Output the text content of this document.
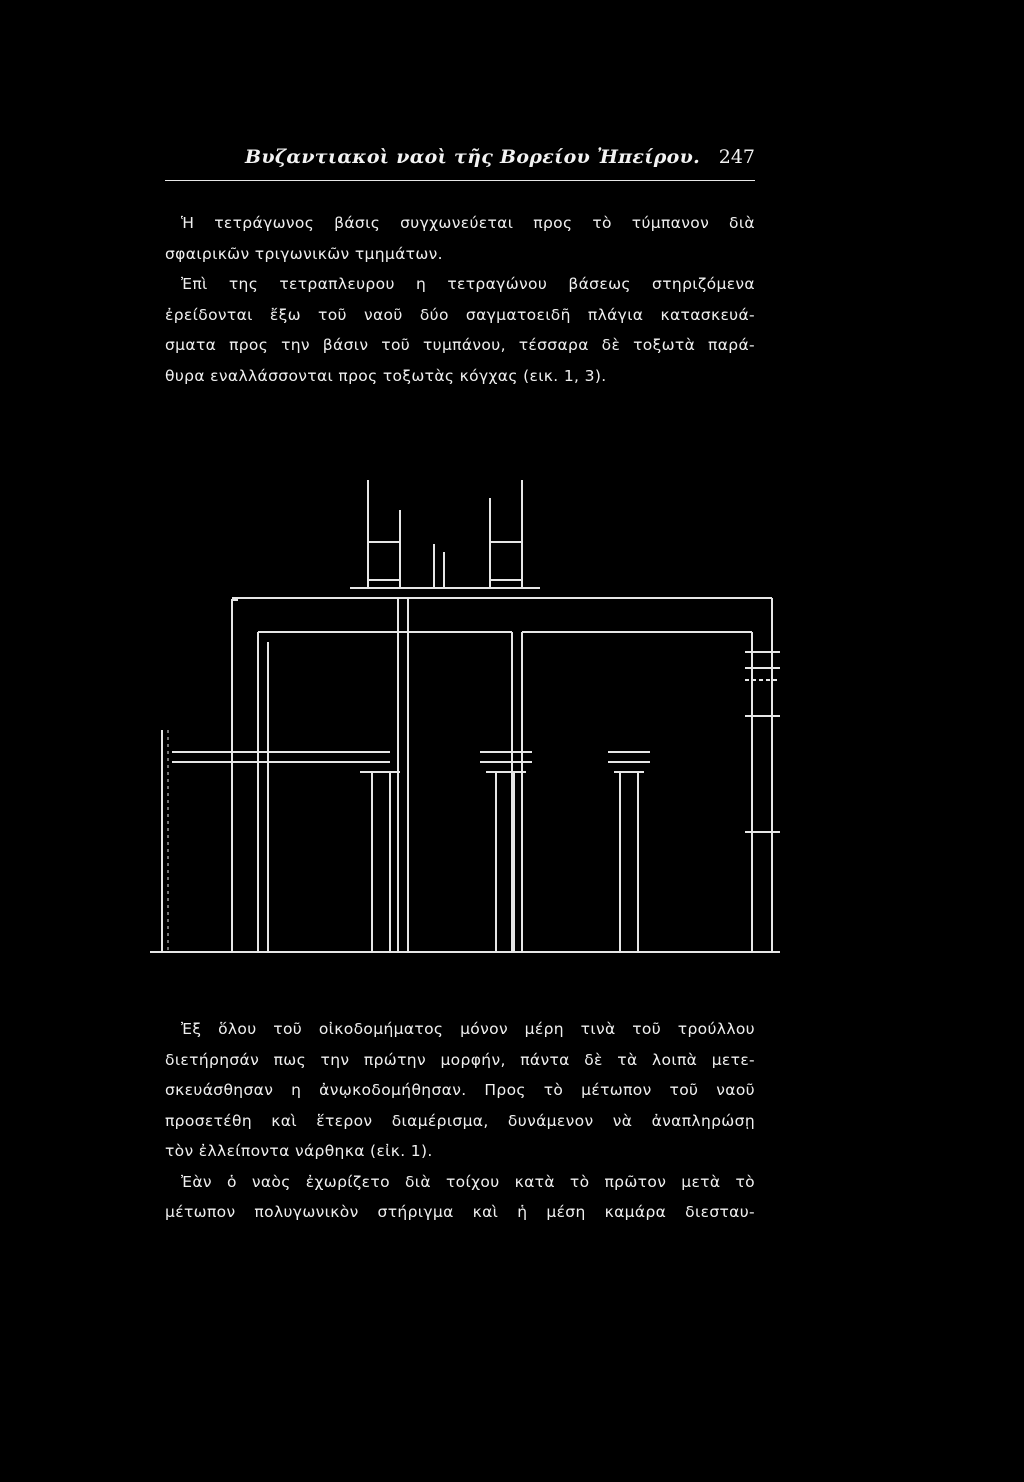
Βυζαντιακοὶ ναοὶ τῆς Βορείου Ἠπείρου. 247
Ἡ τετράγωνος βάσις συγχωνεύεται προς τὸ τύμπανον διὰ
σφαιρικῶν τριγωνικῶν τμημάτων.
Ἐπὶ της τετραπλευρου η τετραγώνου βάσεως στηριζόμενα
ἐρείδονται ἔξω τοῦ ναοῦ δύο σαγματοειδῆ πλάγια κατασκευά-
σματα προς την βάσιν τοῦ τυμπάνου, τέσσαρα δὲ τοξωτὰ παρά-
θυρα εναλλάσσονται προς τοξωτὰς κόγχας (εικ. 1, 3).
Ἐξ ὅλου τοῦ οἰκοδομήματος μόνον μέρη τινὰ τοῦ τρούλλου
διετήρησάν πως την πρώτην μορφήν, πάντα δὲ τὰ λοιπὰ μετε-
σκευάσθησαν η ἀνῳκοδομήθησαν. Προς τὸ μέτωπον τοῦ ναοῦ
προσετέθη καὶ ἕτερον διαμέρισμα, δυνάμενον νὰ ἀναπληρώσῃ
τὸν ἐλλείποντα νάρθηκα (εἰκ. 1).
Ἐὰν ὁ ναὸς ἐχωρίζετο διὰ τοίχου κατὰ τὸ πρῶτον μετὰ τὸ
μέτωπον πολυγωνικὸν στήριγμα καὶ ἡ μέση καμάρα διεσταυ-
